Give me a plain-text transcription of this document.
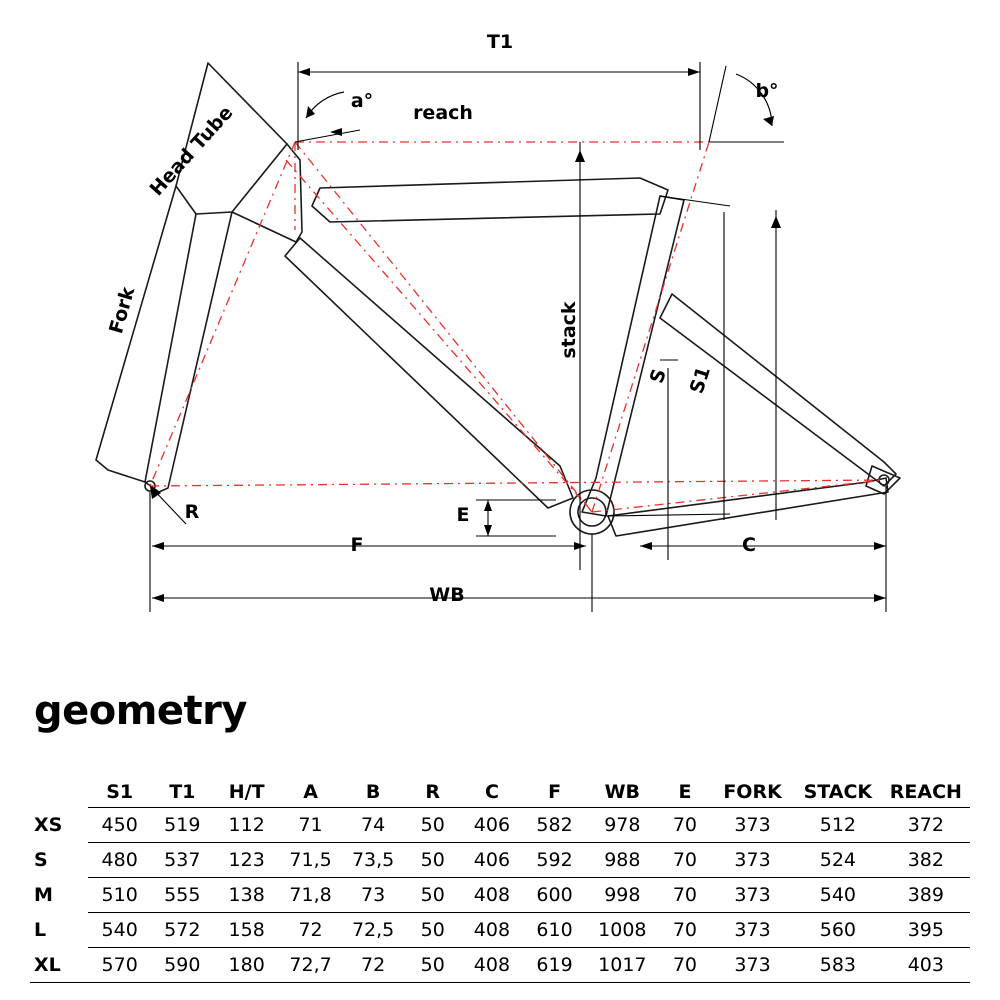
T1
reach
a°	b°
stack
Head Tube
Fork
S S1
R	E
C
F
WB
geometry
	S1	T1	H/T	A	B	R	C	F	WB	E	FORK	STACK	REACH
XS	450	519	112	71	74	50	406	582	978	70	373	512	372
S	480	537	123	71,5	73,5	50	406	592	988	70	373	524	382
M	510	555	138	71,8	73	50	408	600	998	70	373	540	389
L	540	572	158	72	72,5	50	408	610	1008	70	373	560	395
XL	570	590	180	72,7	72	50	408	619	1017	70	373	583	403
